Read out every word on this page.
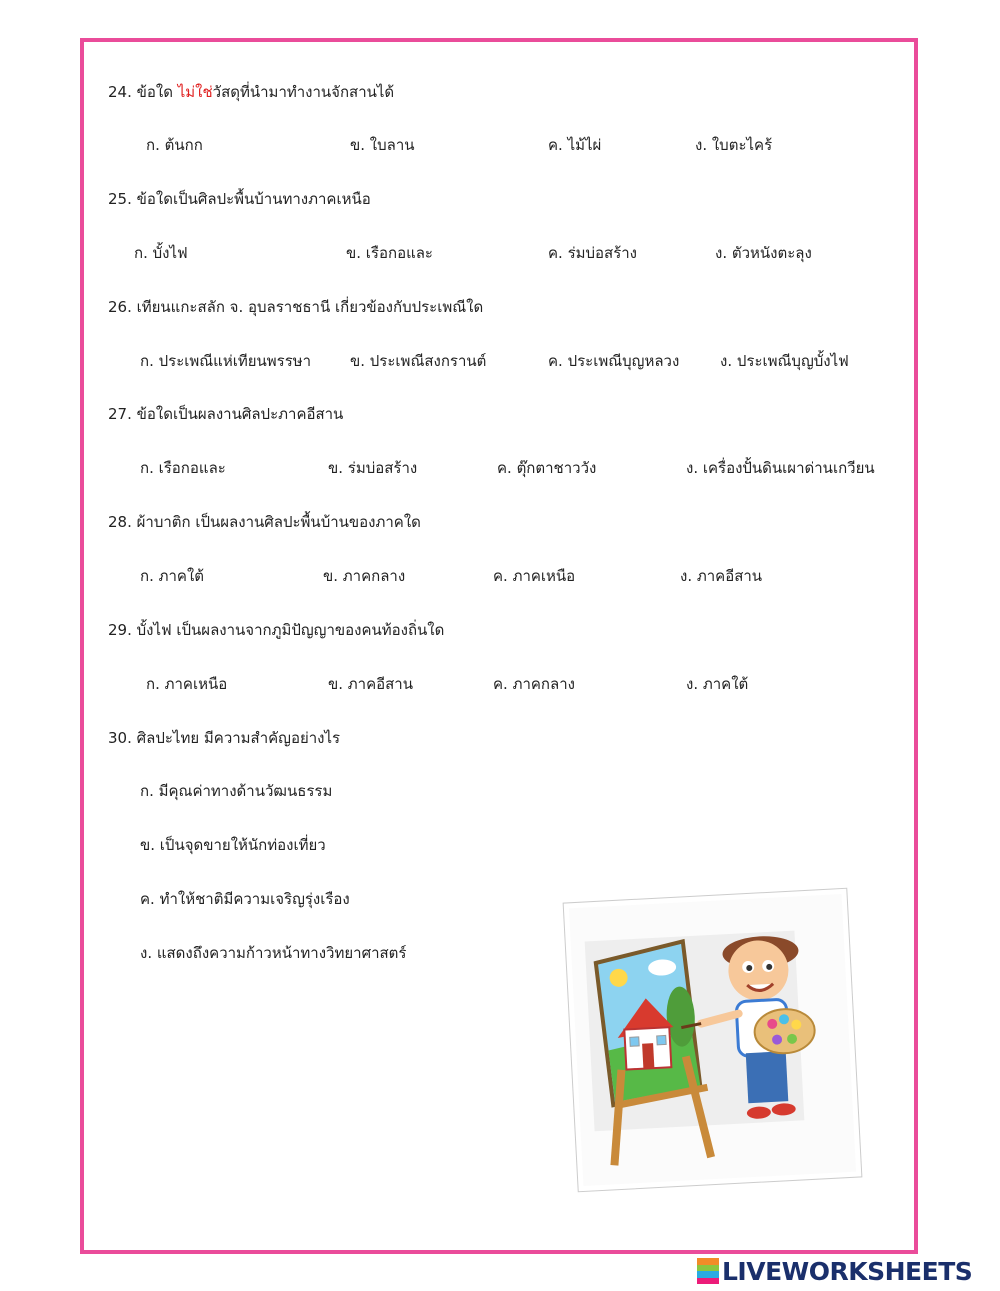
24. ข้อใด ไม่ใช่วัสดุที่นำมาทำงานจักสานได้
ก. ต้นกก	ข. ใบลาน	ค. ไม้ไผ่	ง. ใบตะไคร้
25. ข้อใดเป็นศิลปะพื้นบ้านทางภาคเหนือ
ก. บั้งไฟ	ข. เรือกอและ	ค. ร่มบ่อสร้าง	ง. ตัวหนังตะลุง
26. เทียนแกะสลัก จ. อุบลราชธานี เกี่ยวข้องกับประเพณีใด
ก. ประเพณีแห่เทียนพรรษา	ข. ประเพณีสงกรานต์	ค. ประเพณีบุญหลวง	ง. ประเพณีบุญบั้งไฟ
27. ข้อใดเป็นผลงานศิลปะภาคอีสาน
ก. เรือกอและ	ข. ร่มบ่อสร้าง	ค. ตุ๊กตาชาววัง	ง. เครื่องปั้นดินเผาด่านเกวียน
28. ผ้าบาติก เป็นผลงานศิลปะพื้นบ้านของภาคใด
ก. ภาคใต้	ข. ภาคกลาง	ค. ภาคเหนือ	ง. ภาคอีสาน
29. บั้งไฟ เป็นผลงานจากภูมิปัญญาของคนท้องถิ่นใด
ก. ภาคเหนือ	ข. ภาคอีสาน	ค. ภาคกลาง	ง. ภาคใต้
30. ศิลปะไทย มีความสำคัญอย่างไร
ก. มีคุณค่าทางด้านวัฒนธรรม
ข. เป็นจุดขายให้นักท่องเที่ยว
ค. ทำให้ชาติมีความเจริญรุ่งเรือง
ง. แสดงถึงความก้าวหน้าทางวิทยาศาสตร์
LIVEWORKSHEETS
